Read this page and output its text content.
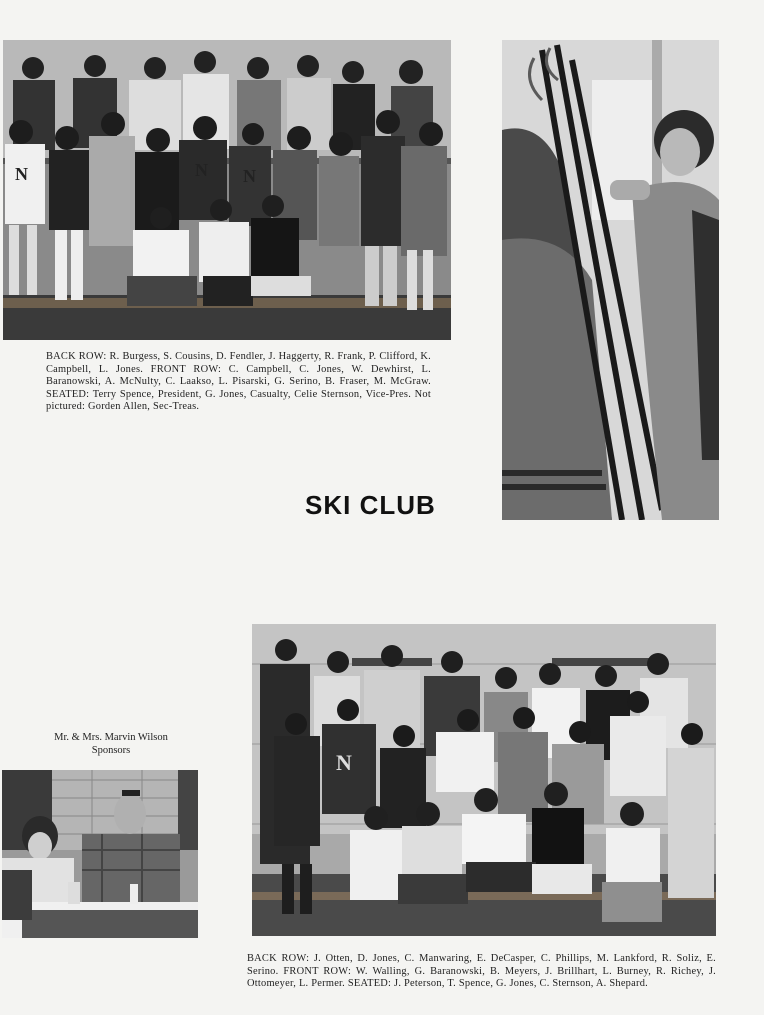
N	N N
BACK ROW: R. Burgess, S. Cousins, D. Fendler, J. Haggerty, R. Frank, P. Clifford, K. Campbell, L. Jones. FRONT ROW: C. Campbell, C. Jones, W. Dewhirst, L. Baranowski, A. McNulty, C. Laakso, L. Pisarski, G. Serino, B. Fraser, M. McGraw. SEATED: Terry Spence, President, G. Jones, Casualty, Celie Sternson, Vice-Pres. Not pictured: Gorden Allen, Sec-Treas.
SKI CLUB
Mr. & Mrs. Marvin Wilson
Sponsors	N
BACK ROW: J. Otten, D. Jones, C. Manwaring, E. DeCasper, C. Phillips, M. Lankford, R. Soliz, E. Serino. FRONT ROW: W. Walling, G. Baranowski, B. Meyers, J. Brillhart, L. Burney, R. Richey, J. Ottomeyer, L. Permer. SEATED: J. Peterson, T. Spence, G. Jones, C. Sternson, A. Shepard.
